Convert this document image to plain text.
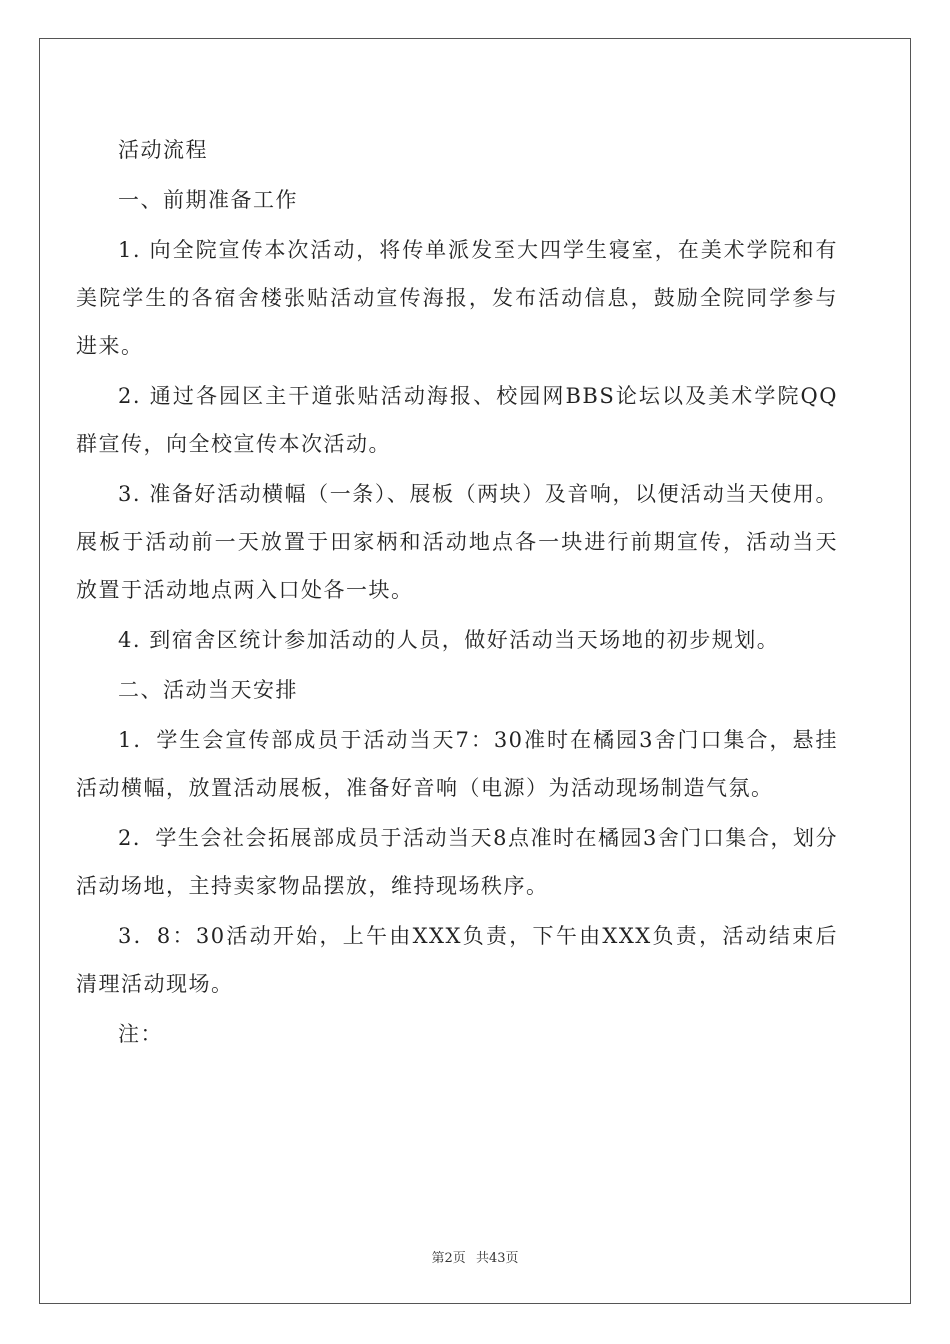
活动流程

一、前期准备工作

1. 向全院宣传本次活动，将传单派发至大四学生寝室，在美术学院和有美院学生的各宿舍楼张贴活动宣传海报，发布活动信息，鼓励全院同学参与进来。

2. 通过各园区主干道张贴活动海报、校园网BBS论坛以及美术学院QQ群宣传，向全校宣传本次活动。

3. 准备好活动横幅（一条）、展板（两块）及音响，以便活动当天使用。展板于活动前一天放置于田家柄和活动地点各一块进行前期宣传，活动当天放置于活动地点两入口处各一块。

4. 到宿舍区统计参加活动的人员，做好活动当天场地的初步规划。

二、活动当天安排

1．学生会宣传部成员于活动当天7：30准时在橘园3舍门口集合，悬挂活动横幅，放置活动展板，准备好音响（电源）为活动现场制造气氛。

2．学生会社会拓展部成员于活动当天8点准时在橘园3舍门口集合，划分活动场地，主持卖家物品摆放，维持现场秩序。

3．8：30活动开始，上午由XXX负责，下午由XXX负责，活动结束后清理活动现场。

注：

第2页 共43页
